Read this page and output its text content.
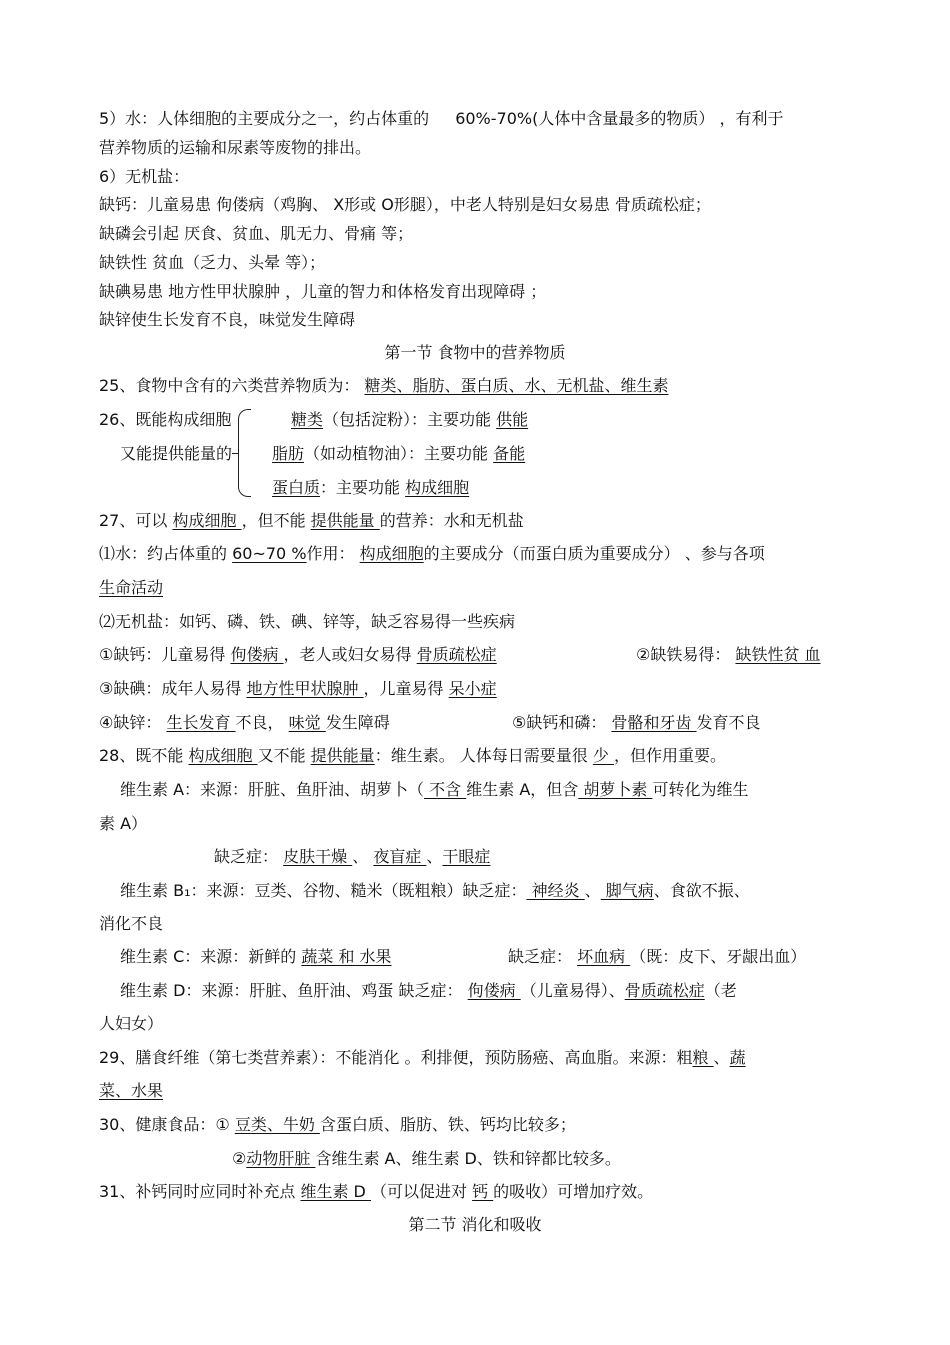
5）水：人体细胞的主要成分之一，约占体重的 60%-70%(人体中含量最多的物质） ，有利于
营养物质的运输和尿素等废物的排出。
6）无机盐：
缺钙：儿童易患 佝偻病（鸡胸、 X形或 O形腿），中老人特别是妇女易患 骨质疏松症；
缺磷会引起 厌食、贫血、肌无力、骨痛 等；
缺铁性 贫血（乏力、头晕 等）；
缺碘易患 地方性甲状腺肿 ，儿童的智力和体格发育出现障碍 ；
缺锌使生长发育不良，味觉发生障碍
第一节 食物中的营养物质
25、食物中含有的六类营养物质为： 糖类、脂肪、蛋白质、水、无机盐、维生素
26、既能构成细胞	糖类（包括淀粉）：主要功能 供能
又能提供能量的 脂肪（如动植物油）：主要功能 备能
蛋白质：主要功能 构成细胞
27、可以 构成细胞 ，但不能 提供能量 的营养：水和无机盐
⑴水：约占体重的 60~70 %作用： 构成细胞的主要成分（而蛋白质为重要成分） 、参与各项
生命活动
⑵无机盐：如钙、磷、铁、碘、锌等，缺乏容易得一些疾病
①缺钙：儿童易得 佝偻病 ，老人或妇女易得 骨质疏松症	②缺铁易得： 缺铁性贫 血
③缺碘：成年人易得 地方性甲状腺肿 ，儿童易得 呆小症
④缺锌： 生长发育 不良， 味觉 发生障碍	⑤缺钙和磷： 骨骼和牙齿 发育不良
28、既不能 构成细胞 又不能 提供能量：维生素。 人体每日需要量很 少 ，但作用重要。
维生素 A：来源：肝脏、鱼肝油、胡萝卜（ 不含 维生素 A，但含 胡萝卜素 可转化为维生
素 A）
缺乏症： 皮肤干燥 、 夜盲症 、干眼症
维生素 B₁：来源：豆类、谷物、糙米（既粗粮）缺乏症： 神经炎 、 脚气病、食欲不振、
消化不良
维生素 C：来源：新鲜的 蔬菜 和 水果	缺乏症： 坏血病 （既：皮下、牙龈出血）
维生素 D：来源：肝脏、鱼肝油、鸡蛋 缺乏症： 佝偻病 （儿童易得）、骨质疏松症（老
人妇女）
29、膳食纤维（第七类营养素）：不能消化 。利排便，预防肠癌、高血脂。来源：粗粮 、蔬
菜、水果
30、健康食品：① 豆类、牛奶 含蛋白质、脂肪、铁、钙均比较多；
②动物肝脏 含维生素 A、维生素 D、铁和锌都比较多。
31、补钙同时应同时补充点 维生素 D （可以促进对 钙 的吸收）可增加疗效。
第二节 消化和吸收
